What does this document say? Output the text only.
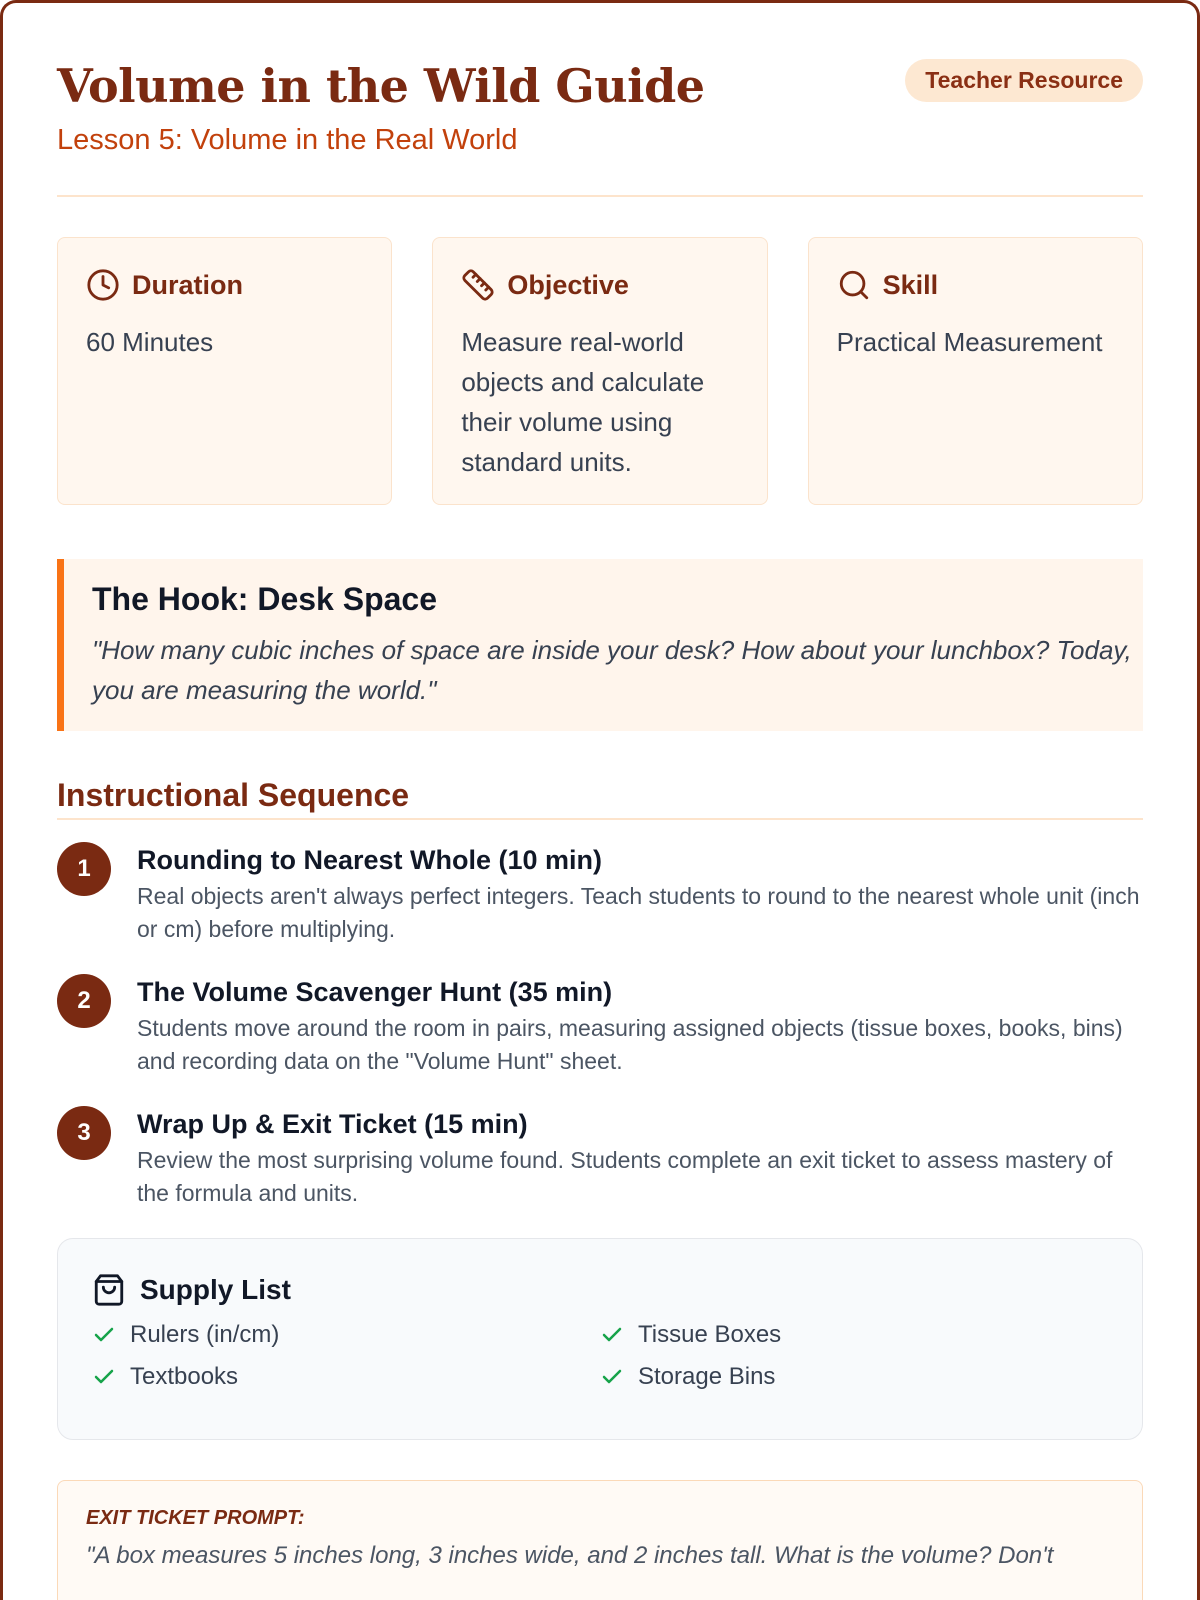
Volume in the Wild Guide
Lesson 5: Volume in the Real World
Teacher Resource
Duration
60 Minutes
Objective
Measure real-world objects and calculate their volume using standard units.
Skill
Practical Measurement
The Hook: Desk Space
"How many cubic inches of space are inside your desk? How about your lunchbox? Today, you are measuring the world."
Instructional Sequence
1	Rounding to Nearest Whole (10 min)
Real objects aren't always perfect integers. Teach students to round to the nearest whole unit (inch or cm) before multiplying.
2	The Volume Scavenger Hunt (35 min)
Students move around the room in pairs, measuring assigned objects (tissue boxes, books, bins) and recording data on the "Volume Hunt" sheet.
3	Wrap Up & Exit Ticket (15 min)
Review the most surprising volume found. Students complete an exit ticket to assess mastery of the formula and units.
Supply List
Rulers (in/cm)	Tissue Boxes
Textbooks	Storage Bins
EXIT TICKET PROMPT:
"A box measures 5 inches long, 3 inches wide, and 2 inches tall. What is the volume? Don't
